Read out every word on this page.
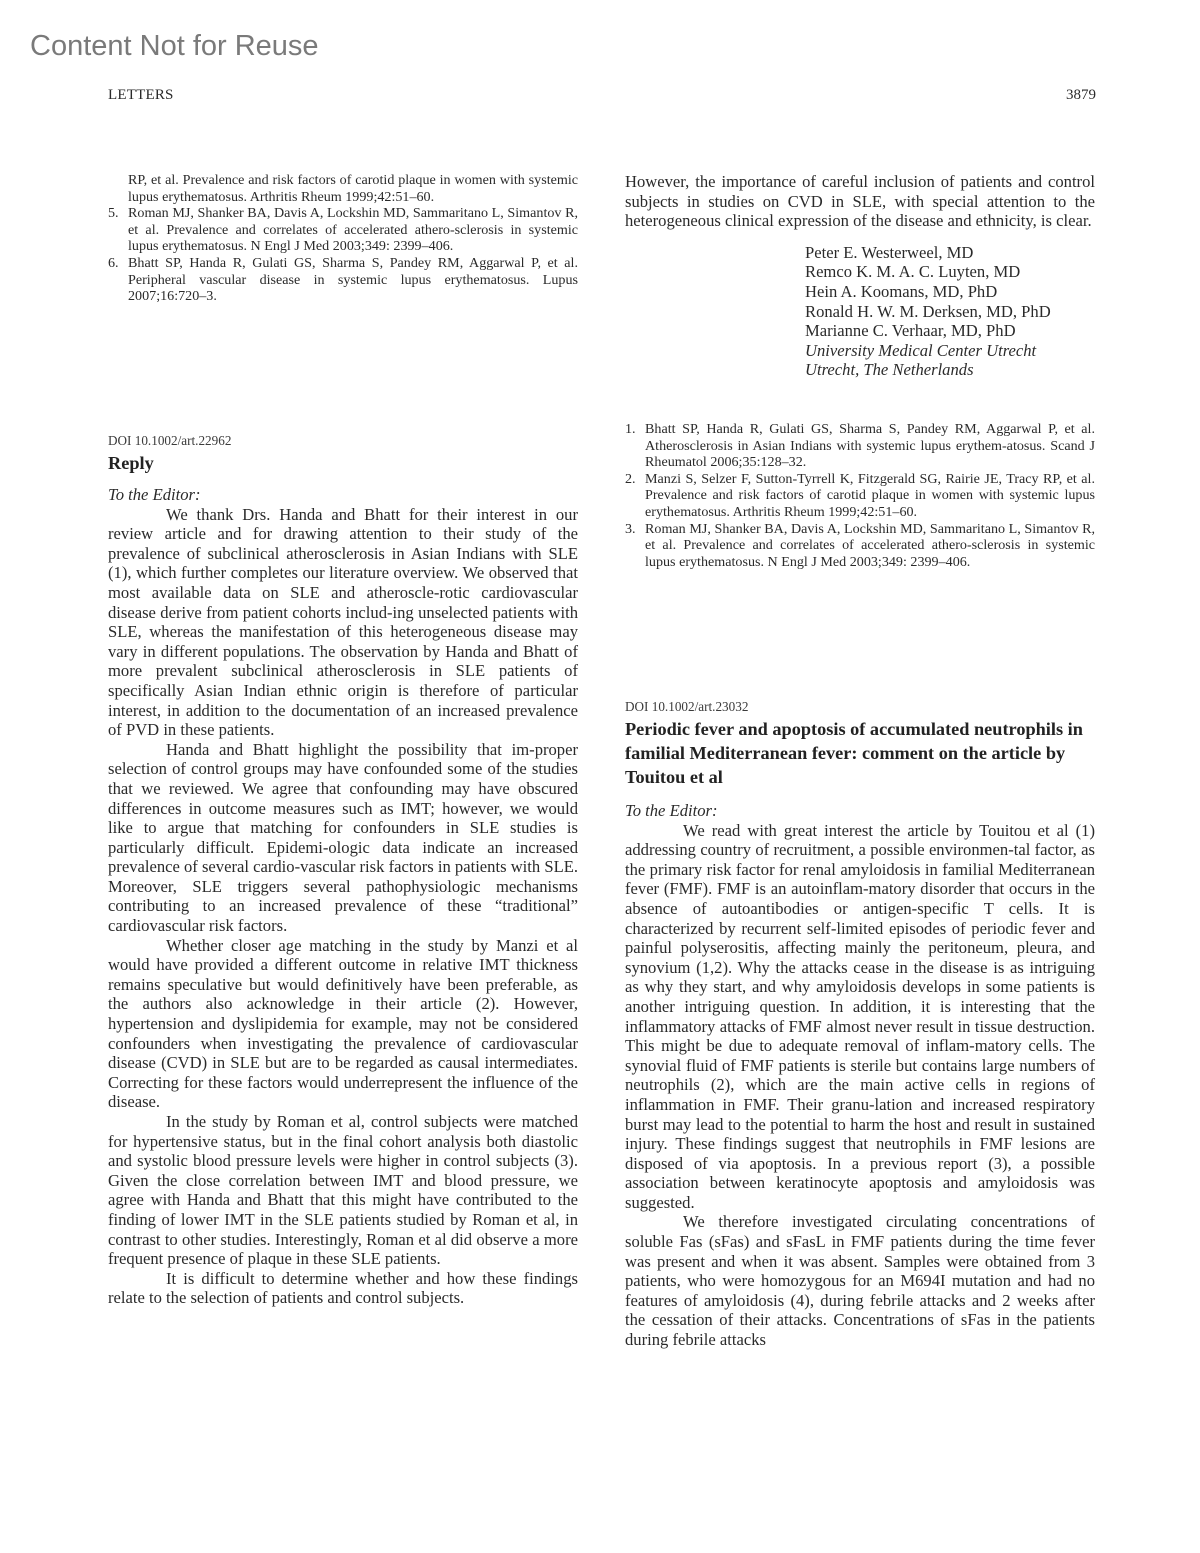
Content Not for Reuse
LETTERS	3879
RP, et al. Prevalence and risk factors of carotid plaque in women with systemic lupus erythematosus. Arthritis Rheum 1999;42:51–60.
5. Roman MJ, Shanker BA, Davis A, Lockshin MD, Sammaritano L, Simantov R, et al. Prevalence and correlates of accelerated athero-sclerosis in systemic lupus erythematosus. N Engl J Med 2003;349: 2399–406.
6. Bhatt SP, Handa R, Gulati GS, Sharma S, Pandey RM, Aggarwal P, et al. Peripheral vascular disease in systemic lupus erythematosus. Lupus 2007;16:720–3.

DOI 10.1002/art.22962

Reply

To the Editor:

We thank Drs. Handa and Bhatt for their interest in our review article and for drawing attention to their study of the prevalence of subclinical atherosclerosis in Asian Indians with SLE (1), which further completes our literature overview. We observed that most available data on SLE and atheroscle-rotic cardiovascular disease derive from patient cohorts includ-ing unselected patients with SLE, whereas the manifestation of this heterogeneous disease may vary in different populations. The observation by Handa and Bhatt of more prevalent subclinical atherosclerosis in SLE patients of specifically Asian Indian ethnic origin is therefore of particular interest, in addition to the documentation of an increased prevalence of PVD in these patients.

Handa and Bhatt highlight the possibility that im-proper selection of control groups may have confounded some of the studies that we reviewed. We agree that confounding may have obscured differences in outcome measures such as IMT; however, we would like to argue that matching for confounders in SLE studies is particularly difficult. Epidemi-ologic data indicate an increased prevalence of several cardio-vascular risk factors in patients with SLE. Moreover, SLE triggers several pathophysiologic mechanisms contributing to an increased prevalence of these “traditional” cardiovascular risk factors.

Whether closer age matching in the study by Manzi et al would have provided a different outcome in relative IMT thickness remains speculative but would definitively have been preferable, as the authors also acknowledge in their article (2). However, hypertension and dyslipidemia for example, may not be considered confounders when investigating the prevalence of cardiovascular disease (CVD) in SLE but are to be regarded as causal intermediates. Correcting for these factors would underrepresent the influence of the disease.

In the study by Roman et al, control subjects were matched for hypertensive status, but in the final cohort analysis both diastolic and systolic blood pressure levels were higher in control subjects (3). Given the close correlation between IMT and blood pressure, we agree with Handa and Bhatt that this might have contributed to the finding of lower IMT in the SLE patients studied by Roman et al, in contrast to other studies. Interestingly, Roman et al did observe a more frequent presence of plaque in these SLE patients.

It is difficult to determine whether and how these findings relate to the selection of patients and control subjects.

However, the importance of careful inclusion of patients and control subjects in studies on CVD in SLE, with special attention to the heterogeneous clinical expression of the disease and ethnicity, is clear.

Peter E. Westerweel, MD
Remco K. M. A. C. Luyten, MD
Hein A. Koomans, MD, PhD
Ronald H. W. M. Derksen, MD, PhD
Marianne C. Verhaar, MD, PhD
University Medical Center Utrecht
Utrecht, The Netherlands
1. Bhatt SP, Handa R, Gulati GS, Sharma S, Pandey RM, Aggarwal P, et al. Atherosclerosis in Asian Indians with systemic lupus erythem-atosus. Scand J Rheumatol 2006;35:128–32.
2. Manzi S, Selzer F, Sutton-Tyrrell K, Fitzgerald SG, Rairie JE, Tracy RP, et al. Prevalence and risk factors of carotid plaque in women with systemic lupus erythematosus. Arthritis Rheum 1999;42:51–60.
3. Roman MJ, Shanker BA, Davis A, Lockshin MD, Sammaritano L, Simantov R, et al. Prevalence and correlates of accelerated athero-sclerosis in systemic lupus erythematosus. N Engl J Med 2003;349: 2399–406.

DOI 10.1002/art.23032

Periodic fever and apoptosis of accumulated neutrophils in familial Mediterranean fever: comment on the article by Touitou et al

To the Editor:

We read with great interest the article by Touitou et al (1) addressing country of recruitment, a possible environmen-tal factor, as the primary risk factor for renal amyloidosis in familial Mediterranean fever (FMF). FMF is an autoinflam-matory disorder that occurs in the absence of autoantibodies or antigen-specific T cells. It is characterized by recurrent self-limited episodes of periodic fever and painful polyserositis, affecting mainly the peritoneum, pleura, and synovium (1,2). Why the attacks cease in the disease is as intriguing as why they start, and why amyloidosis develops in some patients is another intriguing question. In addition, it is interesting that the inflammatory attacks of FMF almost never result in tissue destruction. This might be due to adequate removal of inflam-matory cells. The synovial fluid of FMF patients is sterile but contains large numbers of neutrophils (2), which are the main active cells in regions of inflammation in FMF. Their granu-lation and increased respiratory burst may lead to the potential to harm the host and result in sustained injury. These findings suggest that neutrophils in FMF lesions are disposed of via apoptosis. In a previous report (3), a possible association between keratinocyte apoptosis and amyloidosis was suggested.

We therefore investigated circulating concentrations of soluble Fas (sFas) and sFasL in FMF patients during the time fever was present and when it was absent. Samples were obtained from 3 patients, who were homozygous for an M694I mutation and had no features of amyloidosis (4), during febrile attacks and 2 weeks after the cessation of their attacks. Concentrations of sFas in the patients during febrile attacks
